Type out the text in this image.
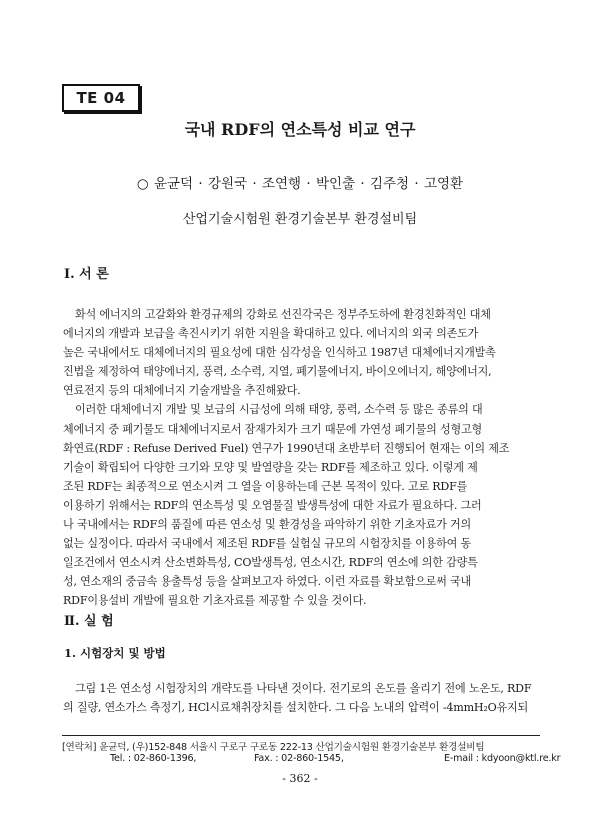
TE 04
국내 RDF의 연소특성 비교 연구
○ 윤균덕 · 강원국 · 조연행 · 박인출 · 김주청 · 고영환
산업기술시험원 환경기술본부 환경설비팀
Ⅰ. 서 론
화석 에너지의 고갈화와 환경규제의 강화로 선진각국은 정부주도하에 환경친화적인 대체
에너지의 개발과 보급을 촉진시키기 위한 지원을 확대하고 있다. 에너지의 외국 의존도가
높은 국내에서도 대체에너지의 필요성에 대한 심각성을 인식하고 1987년 대체에너지개발촉
진법을 제정하여 태양에너지, 풍력, 소수력, 지열, 폐기물에너지, 바이오에너지, 해양에너지,
연료전지 등의 대체에너지 기술개발을 추진해왔다.
이러한 대체에너지 개발 및 보급의 시급성에 의해 태양, 풍력, 소수력 등 많은 종류의 대
체에너지 중 폐기물도 대체에너지로서 잠재가치가 크기 때문에 가연성 폐기물의 성형고형
화연료(RDF : Refuse Derived Fuel) 연구가 1990년대 초반부터 진행되어 현재는 이의 제조
기술이 확립되어 다양한 크기와 모양 및 발열량을 갖는 RDF를 제조하고 있다. 이렇게 제
조된 RDF는 최종적으로 연소시켜 그 열을 이용하는데 근본 목적이 있다. 고로 RDF를
이용하기 위해서는 RDF의 연소특성 및 오염물질 발생특성에 대한 자료가 필요하다. 그러
나 국내에서는 RDF의 품질에 따른 연소성 및 환경성을 파악하기 위한 기초자료가 거의
없는 실정이다. 따라서 국내에서 제조된 RDF를 실험실 규모의 시험장치를 이용하여 동
일조건에서 연소시켜 산소변화특성, CO발생특성, 연소시간, RDF의 연소에 의한 감량특
성, 연소재의 중금속 용출특성 등을 살펴보고자 하였다. 이런 자료를 확보함으로써 국내
RDF이용설비 개발에 필요한 기초자료를 제공할 수 있을 것이다.
Ⅱ. 실 험
1. 시험장치 및 방법
그림 1은 연소성 시험장치의 개략도를 나타낸 것이다. 전기로의 온도를 올리기 전에 노온도, RDF
의 질량, 연소가스 측정기, HCl시료채취장치를 설치한다. 그 다음 노내의 압력이 -4mmH₂O유지되
[연락처] 윤균덕, (우)152-848 서울시 구로구 구로동 222-13 산업기술시험원 환경기술본부 환경설비팀
Tel. : 02-860-1396,	Fax. : 02-860-1545,	E-mail : kdyoon@ktl.re.kr
- 362 -
